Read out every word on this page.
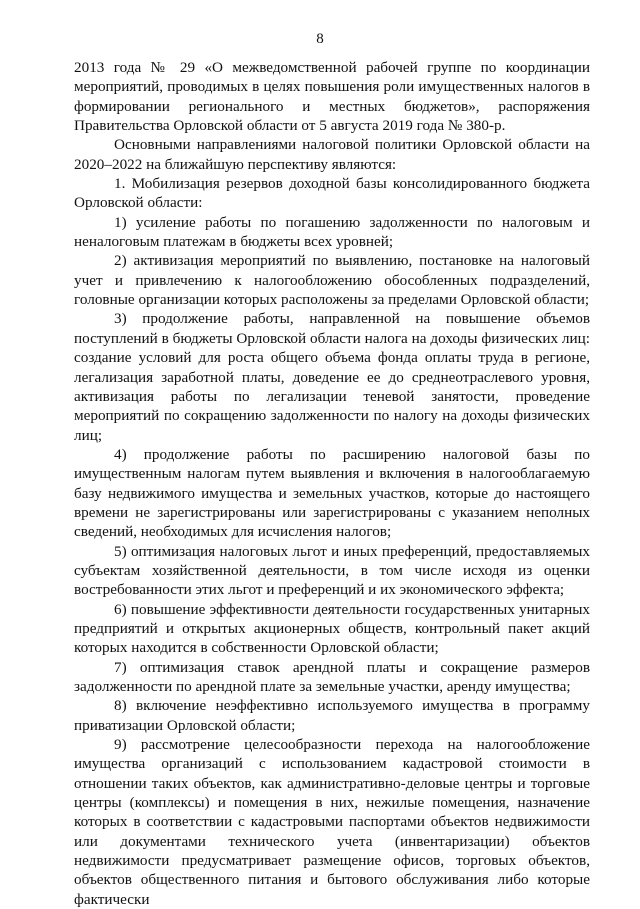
8

2013 года № 29 «О межведомственной рабочей группе по координации мероприятий, проводимых в целях повышения роли имущественных налогов в формировании регионального и местных бюджетов», распоряжения Правительства Орловской области от 5 августа 2019 года № 380-р.

Основными направлениями налоговой политики Орловской области на 2020–2022 на ближайшую перспективу являются:

1. Мобилизация резервов доходной базы консолидированного бюджета Орловской области:

1) усиление работы по погашению задолженности по налоговым и неналоговым платежам в бюджеты всех уровней;

2) активизация мероприятий по выявлению, постановке на налоговый учет и привлечению к налогообложению обособленных подразделений, головные организации которых расположены за пределами Орловской области;

3) продолжение работы, направленной на повышение объемов поступлений в бюджеты Орловской области налога на доходы физических лиц: создание условий для роста общего объема фонда оплаты труда в регионе, легализация заработной платы, доведение ее до среднеотраслевого уровня, активизация работы по легализации теневой занятости, проведение мероприятий по сокращению задолженности по налогу на доходы физических лиц;

4) продолжение работы по расширению налоговой базы по имущественным налогам путем выявления и включения в налогооблагаемую базу недвижимого имущества и земельных участков, которые до настоящего времени не зарегистрированы или зарегистрированы с указанием неполных сведений, необходимых для исчисления налогов;

5) оптимизация налоговых льгот и иных преференций, предоставляемых субъектам хозяйственной деятельности, в том числе исходя из оценки востребованности этих льгот и преференций и их экономического эффекта;

6) повышение эффективности деятельности государственных унитарных предприятий и открытых акционерных обществ, контрольный пакет акций которых находится в собственности Орловской области;

7) оптимизация ставок арендной платы и сокращение размеров задолженности по арендной плате за земельные участки, аренду имущества;

8) включение неэффективно используемого имущества в программу приватизации Орловской области;

9) рассмотрение целесообразности перехода на налогообложение имущества организаций с использованием кадастровой стоимости в отношении таких объектов, как административно-деловые центры и торговые центры (комплексы) и помещения в них, нежилые помещения, назначение которых в соответствии с кадастровыми паспортами объектов недвижимости или документами технического учета (инвентаризации) объектов недвижимости предусматривает размещение офисов, торговых объектов, объектов общественного питания и бытового обслуживания либо которые фактически
